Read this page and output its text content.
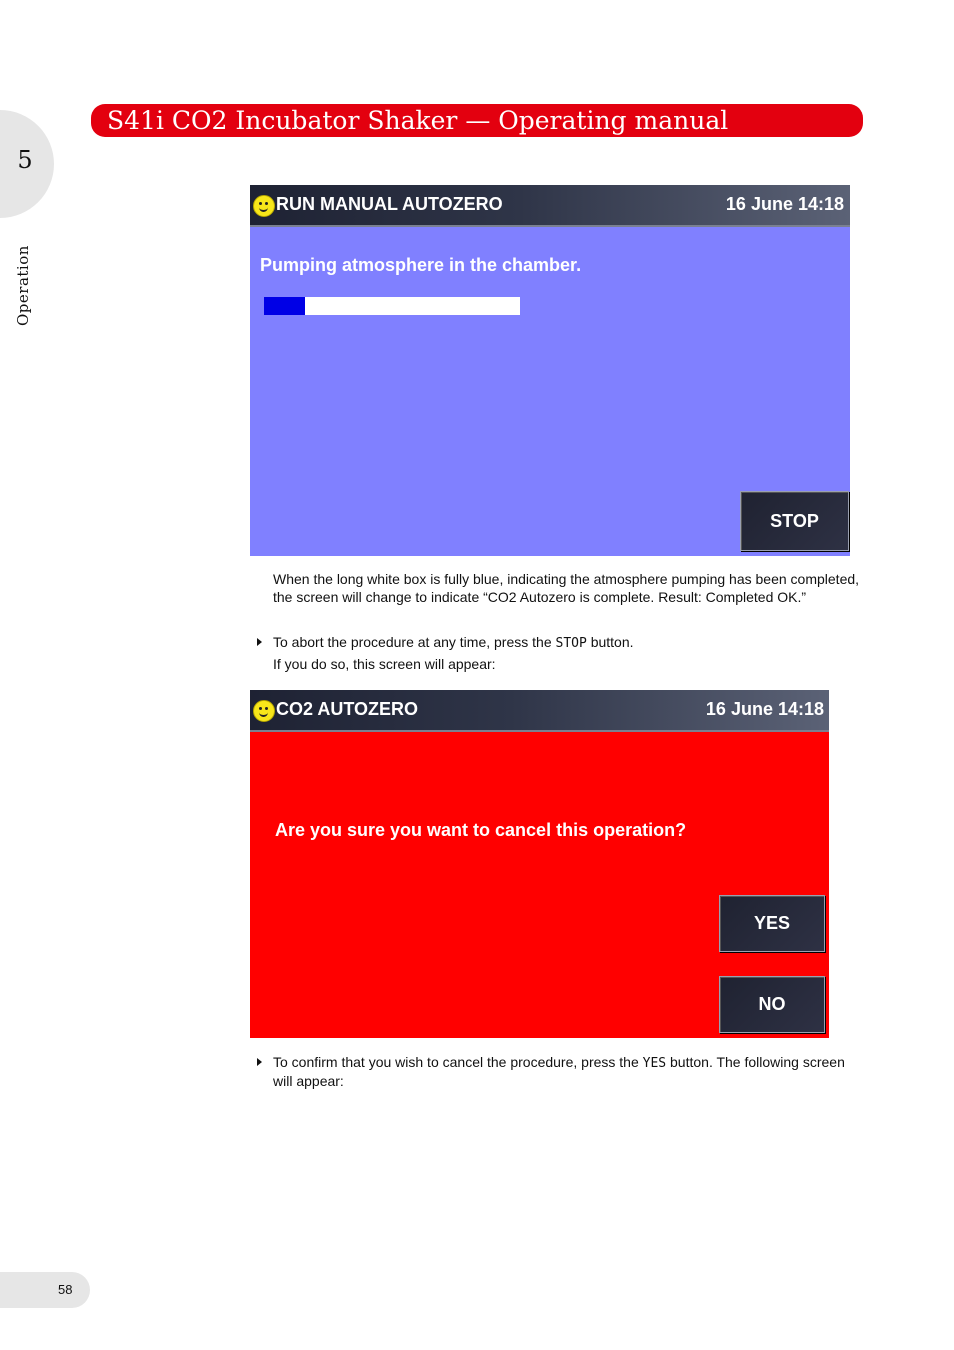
5
Operation
S41i CO2 Incubator Shaker — Operating manual
RUN MANUAL AUTOZERO	16 June 14:18
Pumping atmosphere in the chamber.
STOP
When the long white box is fully blue, indicating the atmosphere pumping has been completed, the screen will change to indicate “CO2 Autozero is complete. Result: Completed OK.”
To abort the procedure at any time, press the STOP button.
If you do so, this screen will appear:
CO2 AUTOZERO	16 June 14:18
Are you sure you want to cancel this operation?
YES
NO
To confirm that you wish to cancel the procedure, press the YES button. The following screen will appear:
58
